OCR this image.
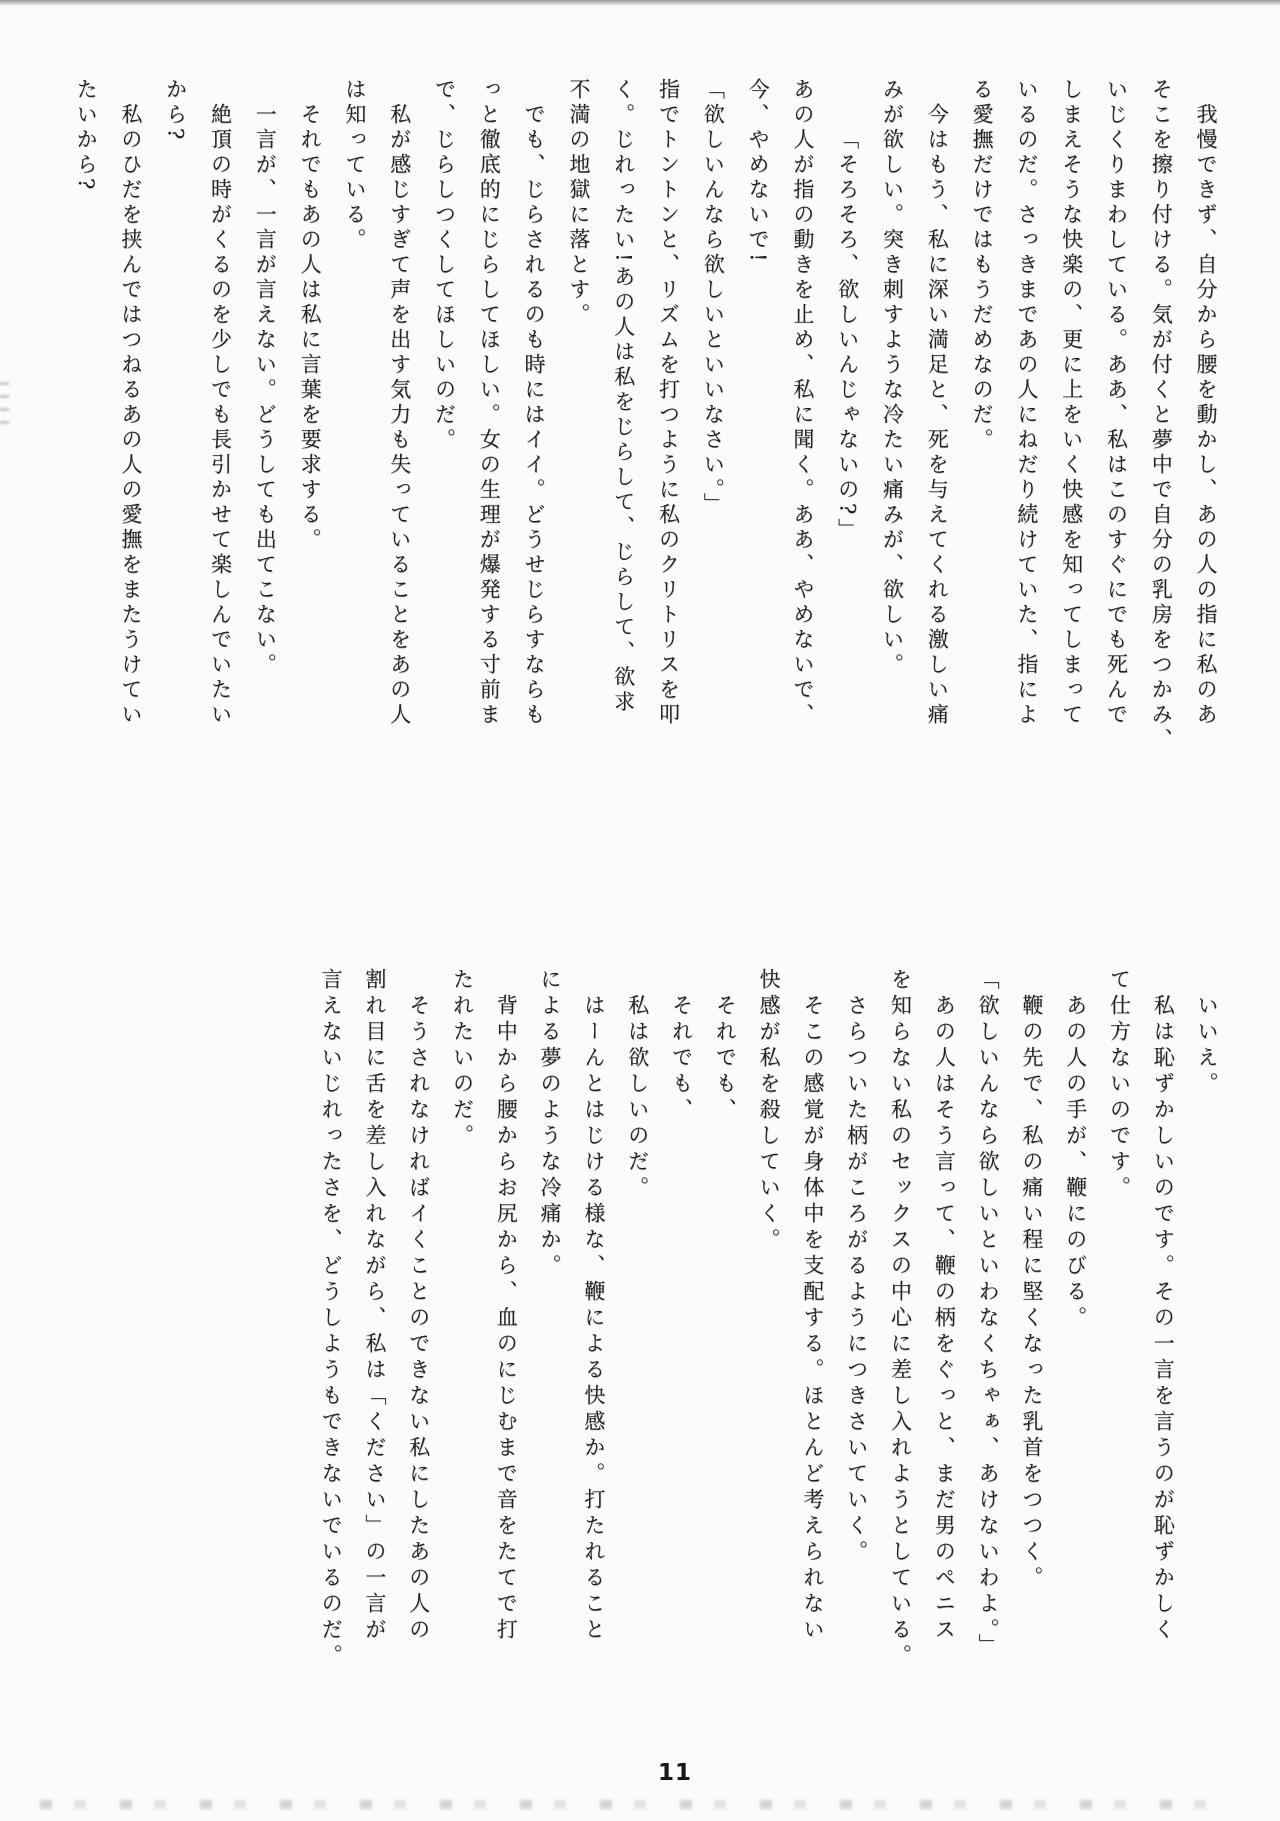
我慢できず、自分から腰を動かし、あの人の指に私のあ
そこを擦り付ける。気が付くと夢中で自分の乳房をつかみ、
いじくりまわしている。ああ、私はこのすぐにでも死んで
しまえそうな快楽の、更に上をいく快感を知ってしまって
いるのだ。さっきまであの人にねだり続けていた、指によ
る愛撫だけではもうだめなのだ。
今はもう、私に深い満足と、死を与えてくれる激しい痛
みが欲しい。突き刺すような冷たい痛みが、欲しい。
「そろそろ、欲しいんじゃないの?」
あの人が指の動きを止め、私に聞く。ああ、やめないで、
今、やめないで!
「欲しいんなら欲しいといいなさい。」
指でトントンと、リズムを打つように私のクリトリスを叩
く。じれったい!あの人は私をじらして、じらして、欲求
不満の地獄に落とす。
でも、じらされるのも時にはイイ。どうせじらすならも
っと徹底的にじらしてほしい。女の生理が爆発する寸前ま
で、じらしつくしてほしいのだ。
私が感じすぎて声を出す気力も失っていることをあの人
は知っている。
それでもあの人は私に言葉を要求する。
一言が、一言が言えない。どうしても出てこない。
絶頂の時がくるのを少しでも長引かせて楽しんでいたい
から?
私のひだを挟んではつねるあの人の愛撫をまたうけてい
たいから?
いいえ。
私は恥ずかしいのです。その一言を言うのが恥ずかしく
て仕方ないのです。
あの人の手が、鞭にのびる。
鞭の先で、私の痛い程に堅くなった乳首をつつく。
「欲しいんなら欲しいといわなくちゃぁ、あけないわよ。」
あの人はそう言って、鞭の柄をぐっと、まだ男のペニス
を知らない私のセックスの中心に差し入れようとしている。
さらついた柄がころがるようにつきさいていく。
そこの感覚が身体中を支配する。ほとんど考えられない
快感が私を殺していく。
それでも、
それでも、
私は欲しいのだ。
はーんとはじける様な、鞭による快感か。打たれること
による夢のような冷痛か。
背中から腰からお尻から、血のにじむまで音をたてで打
たれたいのだ。
そうされなければイくことのできない私にしたあの人の
割れ目に舌を差し入れながら、私は「ください」の一言が
言えないじれったさを、どうしようもできないでいるのだ。
11
